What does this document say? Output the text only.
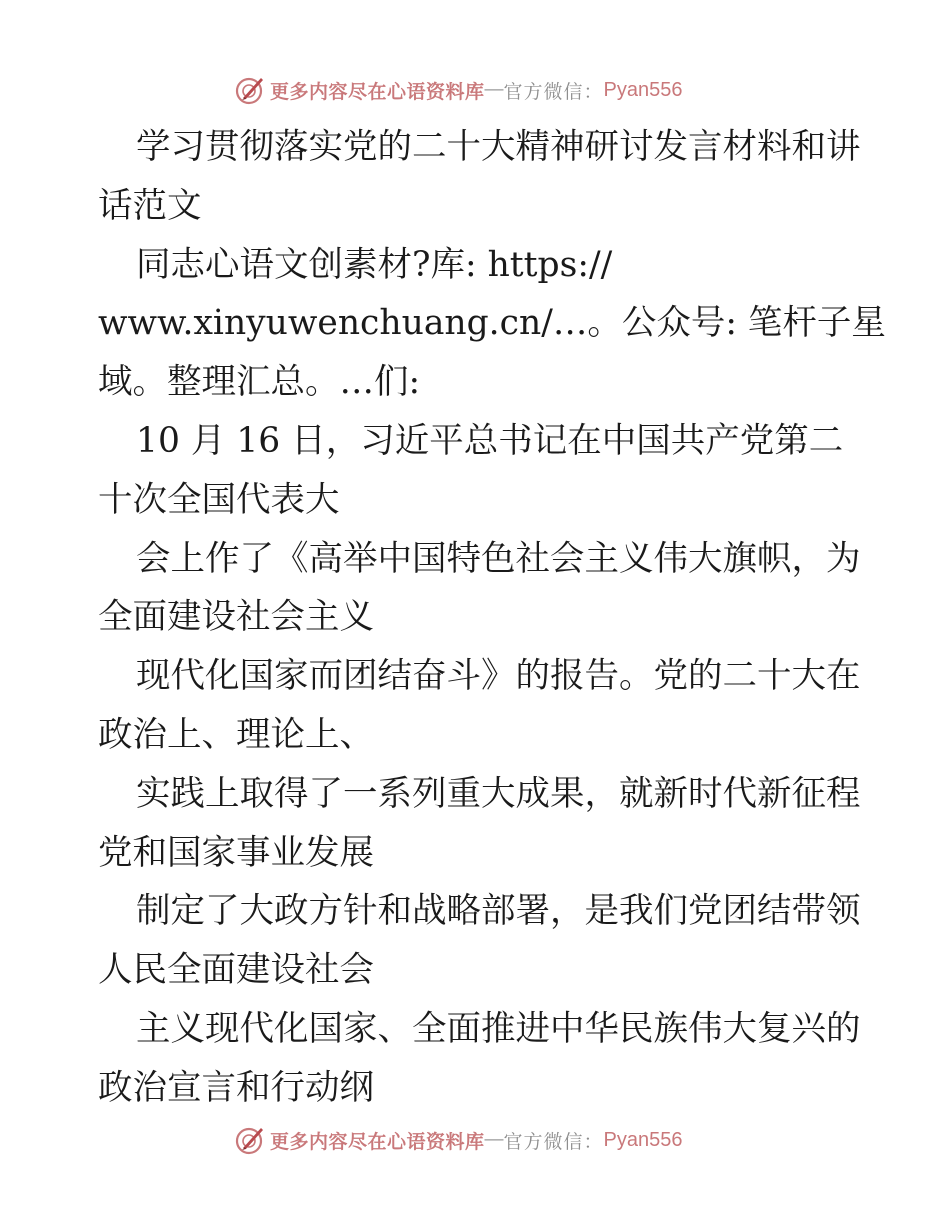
更多内容尽在心语资料库 — 官方微信： Pyan556
学习贯彻落实党的二十大精神研讨发言材料和讲
话范文
同志心语文创素材?库: https://
www.xinyuwenchuang.cn/…。公众号: 笔杆子星
域。整理汇总。…们:
10 月 16 日，习近平总书记在中国共产党第二
十次全国代表大
会上作了《高举中国特色社会主义伟大旗帜，为
全面建设社会主义
现代化国家而团结奋斗》的报告。党的二十大在
政治上、理论上、
实践上取得了一系列重大成果，就新时代新征程
党和国家事业发展
制定了大政方针和战略部署，是我们党团结带领
人民全面建设社会
主义现代化国家、全面推进中华民族伟大复兴的
政治宣言和行动纲
更多内容尽在心语资料库 — 官方微信： Pyan556
